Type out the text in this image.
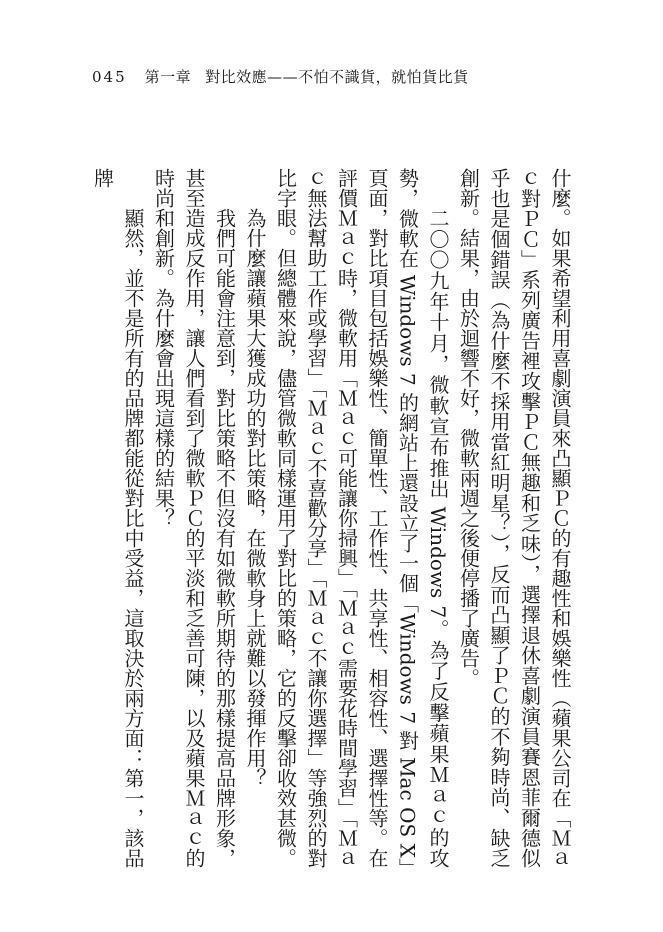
045 第一章 對比效應——不怕不識貨，就怕貨比貨

什麼。如果希望利用喜劇演員來凸顯ＰＣ的有趣性和娛樂性（蘋果公司在「Ｍａｃ對ＰＣ」系列廣告裡攻擊ＰＣ無趣和乏味），選擇退休喜劇演員賽恩菲爾德似乎也是個錯誤（為什麼不採用當紅明星？），反而凸顯了ＰＣ的不夠時尚、缺乏創新。結果，由於迴響不好，微軟兩週之後便停播了廣告。

二〇〇九年十月，微軟宣布推出 Windows 7。為了反擊蘋果Ｍａｃ的攻勢，微軟在 Windows 7 的網站上還設立了一個「Windows 7 對 Mac OS X」頁面，對比項目包括娛樂性、簡單性、工作性、共享性、相容性、選擇性等。在評價Ｍａｃ時，微軟用「Ｍａｃ可能讓你掃興」「Ｍａｃ需要花時間學習」「Ｍａｃ無法幫助工作或學習」「Ｍａｃ不喜歡分享」「Ｍａｃ不讓你選擇」等強烈的對比字眼。但總體來說，儘管微軟同樣運用了對比的策略，它的反擊卻收效甚微。

為什麼讓蘋果大獲成功的對比策略，在微軟身上就難以發揮作用？

我們可能會注意到，對比策略不但沒有如微軟所期待的那樣提高品牌形象，甚至造成反作用，讓人們看到了微軟ＰＣ的平淡和乏善可陳，以及蘋果Ｍａｃ的時尚和創新。為什麼會出現這樣的結果？

顯然，並不是所有的品牌都能從對比中受益，這取決於兩方面：第一，該品牌
